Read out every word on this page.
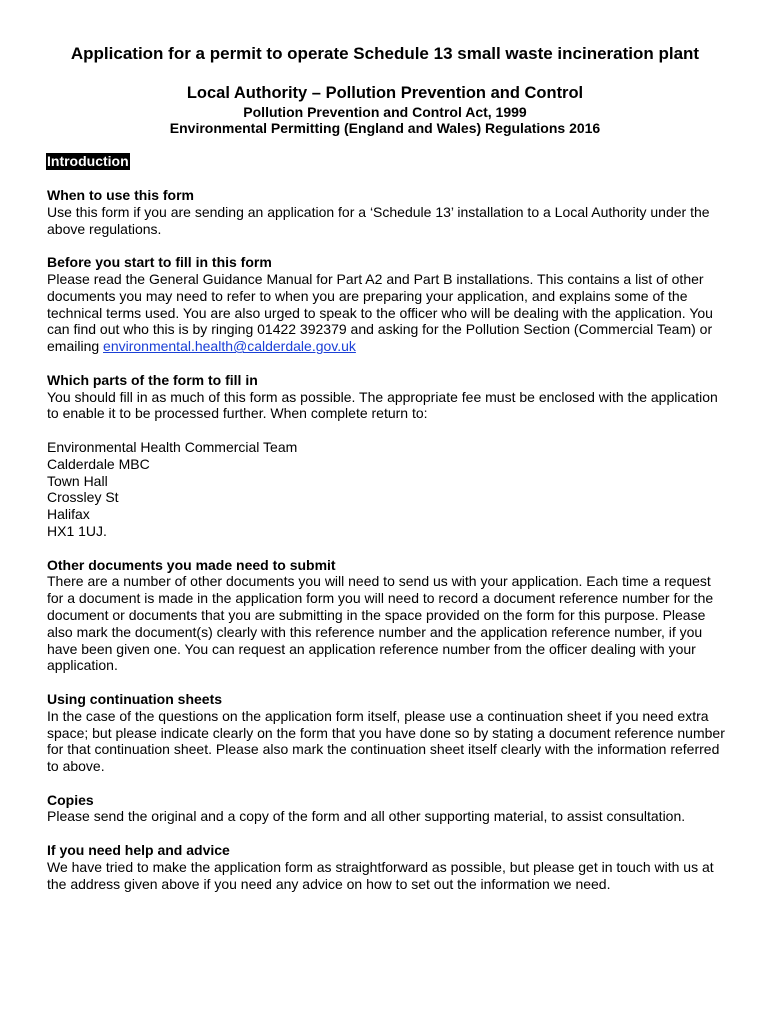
Application for a permit to operate Schedule 13 small waste incineration plant
Local Authority – Pollution Prevention and Control
Pollution Prevention and Control Act, 1999
Environmental Permitting (England and Wales) Regulations 2016
Introduction

When to use this form

Use this form if you are sending an application for a ‘Schedule 13’ installation to a Local Authority under the above regulations.

Before you start to fill in this form

Please read the General Guidance Manual for Part A2 and Part B installations. This contains a list of other documents you may need to refer to when you are preparing your application, and explains some of the technical terms used. You are also urged to speak to the officer who will be dealing with the application. You can find out who this is by ringing 01422 392379 and asking for the Pollution Section (Commercial Team) or emailing environmental.health@calderdale.gov.uk

Which parts of the form to fill in

You should fill in as much of this form as possible. The appropriate fee must be enclosed with the application to enable it to be processed further. When complete return to:

Environmental Health Commercial Team
Calderdale MBC
Town Hall
Crossley St
Halifax
HX1 1UJ.

Other documents you made need to submit

There are a number of other documents you will need to send us with your application. Each time a request for a document is made in the application form you will need to record a document reference number for the document or documents that you are submitting in the space provided on the form for this purpose. Please also mark the document(s) clearly with this reference number and the application reference number, if you have been given one. You can request an application reference number from the officer dealing with your application.

Using continuation sheets

In the case of the questions on the application form itself, please use a continuation sheet if you need extra space; but please indicate clearly on the form that you have done so by stating a document reference number for that continuation sheet. Please also mark the continuation sheet itself clearly with the information referred to above.

Copies

Please send the original and a copy of the form and all other supporting material, to assist consultation.

If you need help and advice

We have tried to make the application form as straightforward as possible, but please get in touch with us at the address given above if you need any advice on how to set out the information we need.
